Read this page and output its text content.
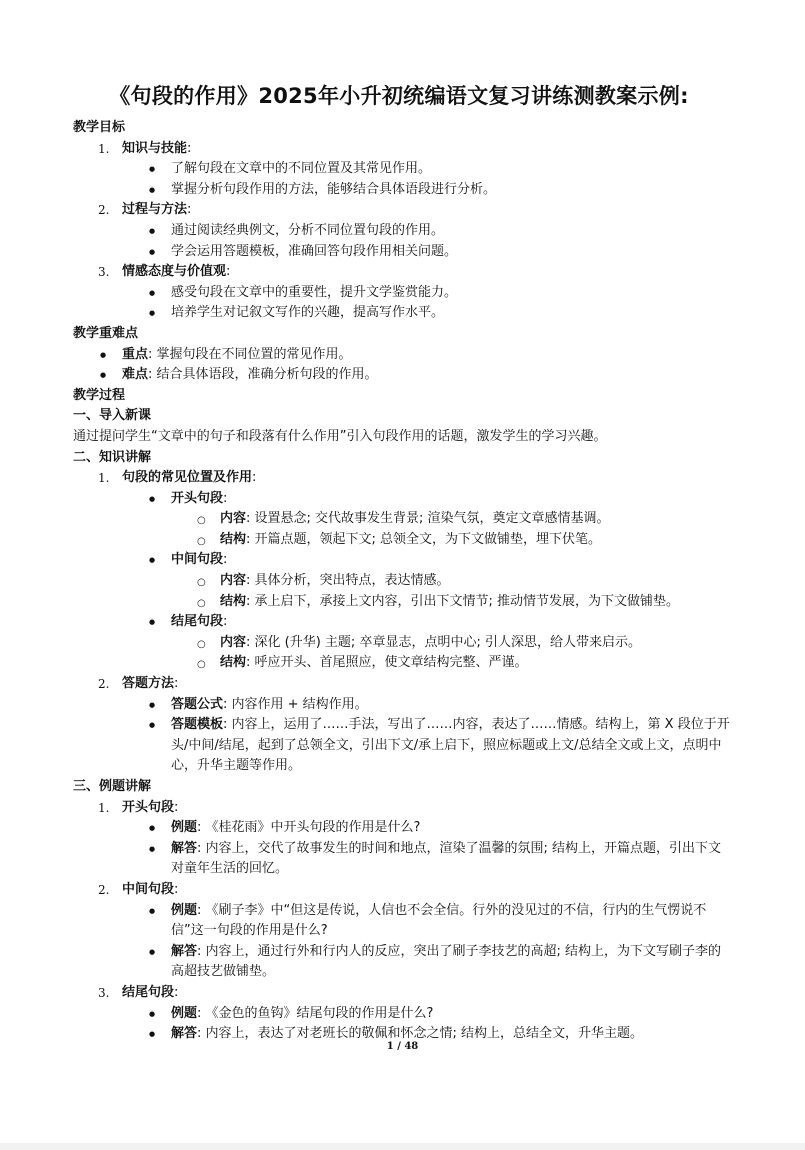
《句段的作用》2025年小升初统编语文复习讲练测教案示例:
教学目标
1. 知识与技能:
● 了解句段在文章中的不同位置及其常见作用。
● 掌握分析句段作用的方法，能够结合具体语段进行分析。
2. 过程与方法:
● 通过阅读经典例文，分析不同位置句段的作用。
● 学会运用答题模板，准确回答句段作用相关问题。
3. 情感态度与价值观:
● 感受句段在文章中的重要性，提升文学鉴赏能力。
● 培养学生对记叙文写作的兴趣，提高写作水平。
教学重难点
● 重点: 掌握句段在不同位置的常见作用。
● 难点: 结合具体语段，准确分析句段的作用。
教学过程
一、导入新课
通过提问学生“文章中的句子和段落有什么作用”引入句段作用的话题，激发学生的学习兴趣。
二、知识讲解
1. 句段的常见位置及作用:
● 开头句段:
○ 内容: 设置悬念; 交代故事发生背景; 渲染气氛，奠定文章感情基调。
○ 结构: 开篇点题，领起下文; 总领全文，为下文做铺垫，埋下伏笔。
● 中间句段:
○ 内容: 具体分析，突出特点，表达情感。
○ 结构: 承上启下，承接上文内容，引出下文情节; 推动情节发展，为下文做铺垫。
● 结尾句段:
○ 内容: 深化 (升华) 主题; 卒章显志，点明中心; 引人深思，给人带来启示。
○ 结构: 呼应开头、首尾照应，使文章结构完整、严谨。
2. 答题方法:
● 答题公式: 内容作用 + 结构作用。
● 答题模板: 内容上，运用了……手法，写出了……内容，表达了……情感。结构上，第 X 段位于开头/中间/结尾，起到了总领全文，引出下文/承上启下，照应标题或上文/总结全文或上文，点明中心，升华主题等作用。
三、例题讲解
1. 开头句段:
● 例题: 《桂花雨》中开头句段的作用是什么?
● 解答: 内容上，交代了故事发生的时间和地点，渲染了温馨的氛围; 结构上，开篇点题，引出下文对童年生活的回忆。
2. 中间句段:
● 例题: 《刷子李》中“但这是传说，人信也不会全信。行外的没见过的不信，行内的生气愣说不信”这一句段的作用是什么?
● 解答: 内容上，通过行外和行内人的反应，突出了刷子李技艺的高超; 结构上，为下文写刷子李的高超技艺做铺垫。
3. 结尾句段:
● 例题: 《金色的鱼钩》结尾句段的作用是什么?
● 解答: 内容上，表达了对老班长的敬佩和怀念之情; 结构上，总结全文，升华主题。
1 / 48
